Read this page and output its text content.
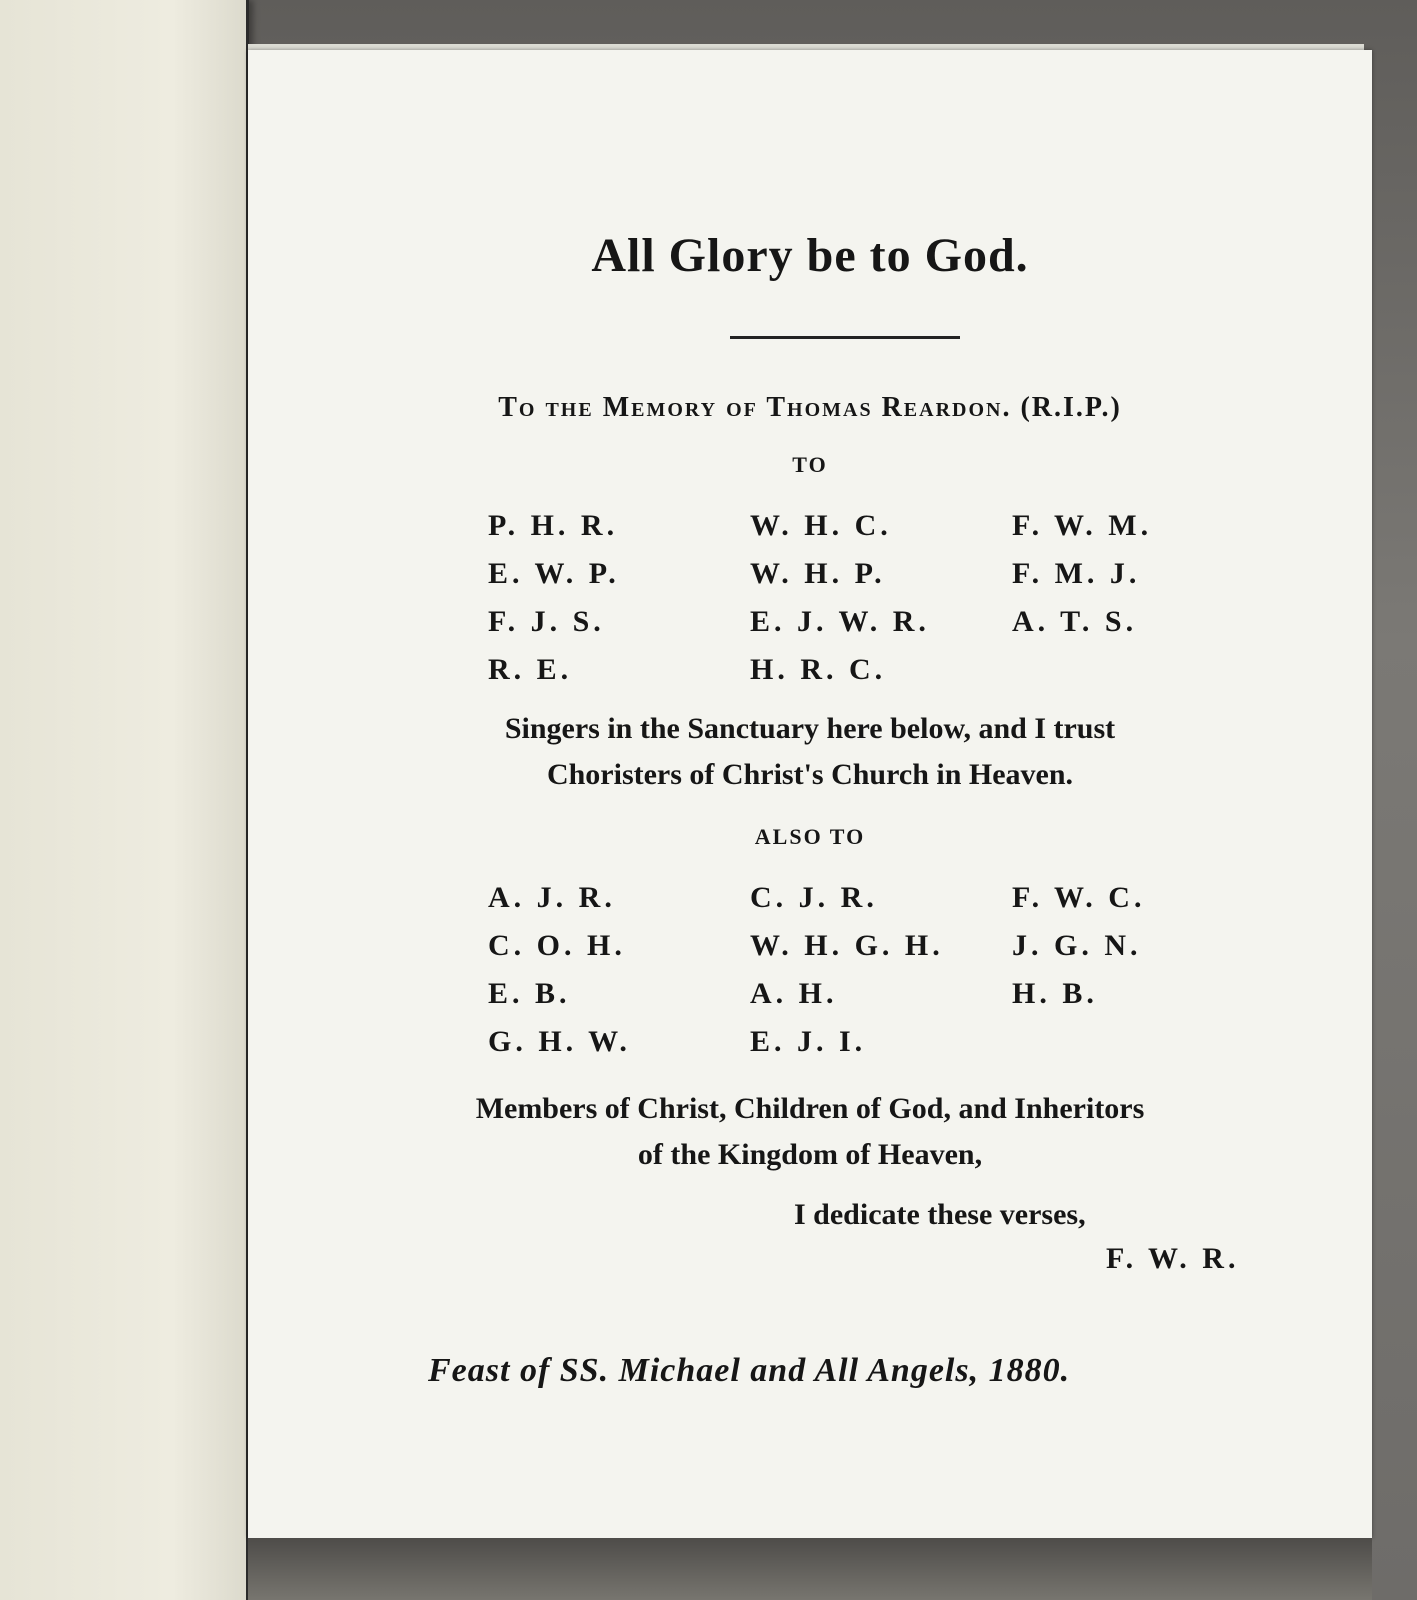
All Glory be to God.
To the Memory of Thomas Reardon. (R.I.P.)
TO
P. H. R.	W. H. C.	F. W. M.
E. W. P.	W. H. P.	F. M. J.
F. J. S.	E. J. W. R.	A. T. S.
R. E.	H. R. C.
Singers in the Sanctuary here below, and I trust
Choristers of Christ's Church in Heaven.
ALSO TO
A. J. R.	C. J. R.	F. W. C.
C. O. H.	W. H. G. H.	J. G. N.
E. B.	A. H.	H. B.
G. H. W.	E. J. I.
Members of Christ, Children of God, and Inheritors
of the Kingdom of Heaven,
I dedicate these verses,
F. W. R.
Feast of SS. Michael and All Angels, 1880.
